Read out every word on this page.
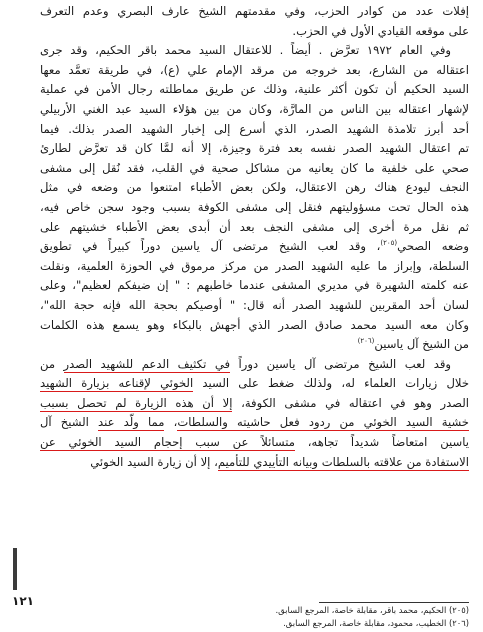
إفلات عدد من كوادر الحزب، وفي مقدمتهم الشيخ عارف البصري وعدم التعرف
على موقعه القيادي الأول في الحزب.

وفي العام ١٩٧٢ تعرَّض . أيضاً . للاعتقال السيد محمد باقر الحكيم، وقد جرى
اعتقاله من الشارع، بعد خروجه من مرقد الإمام علي (ع)، في طريقة تعمَّد معها
السيد الحكيم أن تكون أكثر علنية، وذلك عن طريق مماطلته رجال الأمن في عملية
لإشهار اعتقاله بين الناس من المارَّة، وكان من بين هؤلاء السيد عبد الغني الأربيلي
أحد أبرز تلامذة الشهيد الصدر، الذي أسرع إلى إخبار الشهيد الصدر بذلك. فيما
تم اعتقال الشهيد الصدر نفسه بعد فترة وجيزة، إلا أنه لمَّا كان قد تعرَّض لطارئ
صحي على خلفية ما كان يعانيه من مشاكل صحية في القلب، فقد نُقل إلى مشفى
النجف ليودع هناك رهن الاعتقال، ولكن بعض الأطباء امتنعوا من وضعه في مثل
هذه الحال تحت مسؤوليتهم فنقل إلى مشفى الكوفة بسبب وجود سجن خاص فيه،
ثم نقل مرة أخرى إلى مشفى النجف بعد أن أبدى بعض الأطباء خشيتهم على
وضعه الصحي$^{(٢٠٥)}$، وقد لعب الشيخ مرتضى آل ياسين دوراً كبيراً في تطويق
السلطة، وإبراز ما عليه الشهيد الصدر من مركز مرموق في الحوزة العلمية، ونقلت
عنه كلمته الشهيرة في مديري المشفى عندما خاطبهم : " إن ضيفكم لعظيم"، وعلى
لسان أحد المقربين للشهيد الصدر أنه قال: " أوصيكم بحجة الله فإنه حجة الله"،
وكان معه السيد محمد صادق الصدر الذي أجهش بالبكاء وهو يسمع هذه الكلمات
من الشيخ آل ياسين$^{(٢٠٦)}$

وقد لعب الشيخ مرتضى آل ياسين دوراً في تكثيف الدعم للشهيد الصدر من
خلال زيارات العلماء له، ولذلك ضغط على السيد الخوئي لإقناعه بزيارة الشهيد
الصدر وهو في اعتقاله في مشفى الكوفة، إلا أن هذه الزيارة لم تحصل بسبب
خشية السيد الخوئي من ردود فعل حاشيته والسلطات، مما ولَّد عند الشيخ آل
ياسين امتعاضاً شديداً تجاهه، متسائلاً عن سبب إحجام السيد الخوئي عن
الاستفادة من علاقته بالسلطات وبيانه التأييدي للتأميم، إلا أن زيارة السيد الخوئي

١٢١
(٢٠٥) الحكيم، محمد باقر، مقابلة خاصة، المرجع السابق.
(٢٠٦) الخطيب، محمود، مقابلة خاصة، المرجع السابق.
